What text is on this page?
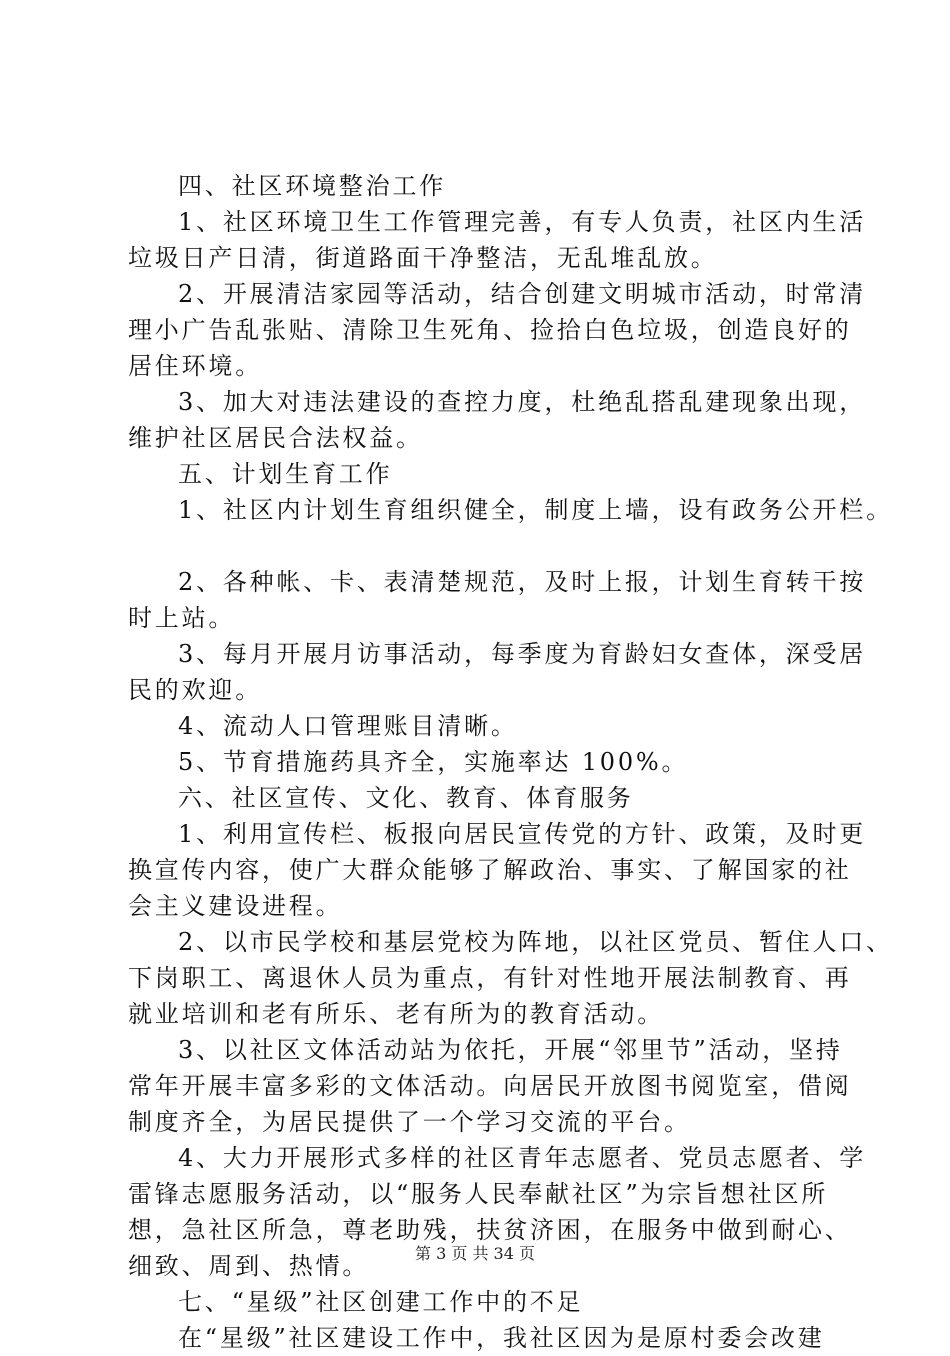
四、社区环境整治工作
1、社区环境卫生工作管理完善，有专人负责，社区内生活
垃圾日产日清，街道路面干净整洁，无乱堆乱放。
2、开展清洁家园等活动，结合创建文明城市活动，时常清
理小广告乱张贴、清除卫生死角、捡拾白色垃圾，创造良好的
居住环境。
3、加大对违法建设的查控力度，杜绝乱搭乱建现象出现，
维护社区居民合法权益。
五、计划生育工作
1、社区内计划生育组织健全，制度上墙，设有政务公开栏。
2、各种帐、卡、表清楚规范，及时上报，计划生育转干按
时上站。
3、每月开展月访事活动，每季度为育龄妇女查体，深受居
民的欢迎。
4、流动人口管理账目清晰。
5、节育措施药具齐全，实施率达 100%。
六、社区宣传、文化、教育、体育服务
1、利用宣传栏、板报向居民宣传党的方针、政策，及时更
换宣传内容，使广大群众能够了解政治、事实、了解国家的社
会主义建设进程。
2、以市民学校和基层党校为阵地，以社区党员、暂住人口、
下岗职工、离退休人员为重点，有针对性地开展法制教育、再
就业培训和老有所乐、老有所为的教育活动。
3、以社区文体活动站为依托，开展“邻里节”活动，坚持
常年开展丰富多彩的文体活动。向居民开放图书阅览室，借阅
制度齐全，为居民提供了一个学习交流的平台。
4、大力开展形式多样的社区青年志愿者、党员志愿者、学
雷锋志愿服务活动，以“服务人民奉献社区”为宗旨想社区所
想，急社区所急，尊老助残，扶贫济困，在服务中做到耐心、
细致、周到、热情。
七、“星级”社区创建工作中的不足
在“星级”社区建设工作中，我社区因为是原村委会改建
第 3 页 共 34 页
